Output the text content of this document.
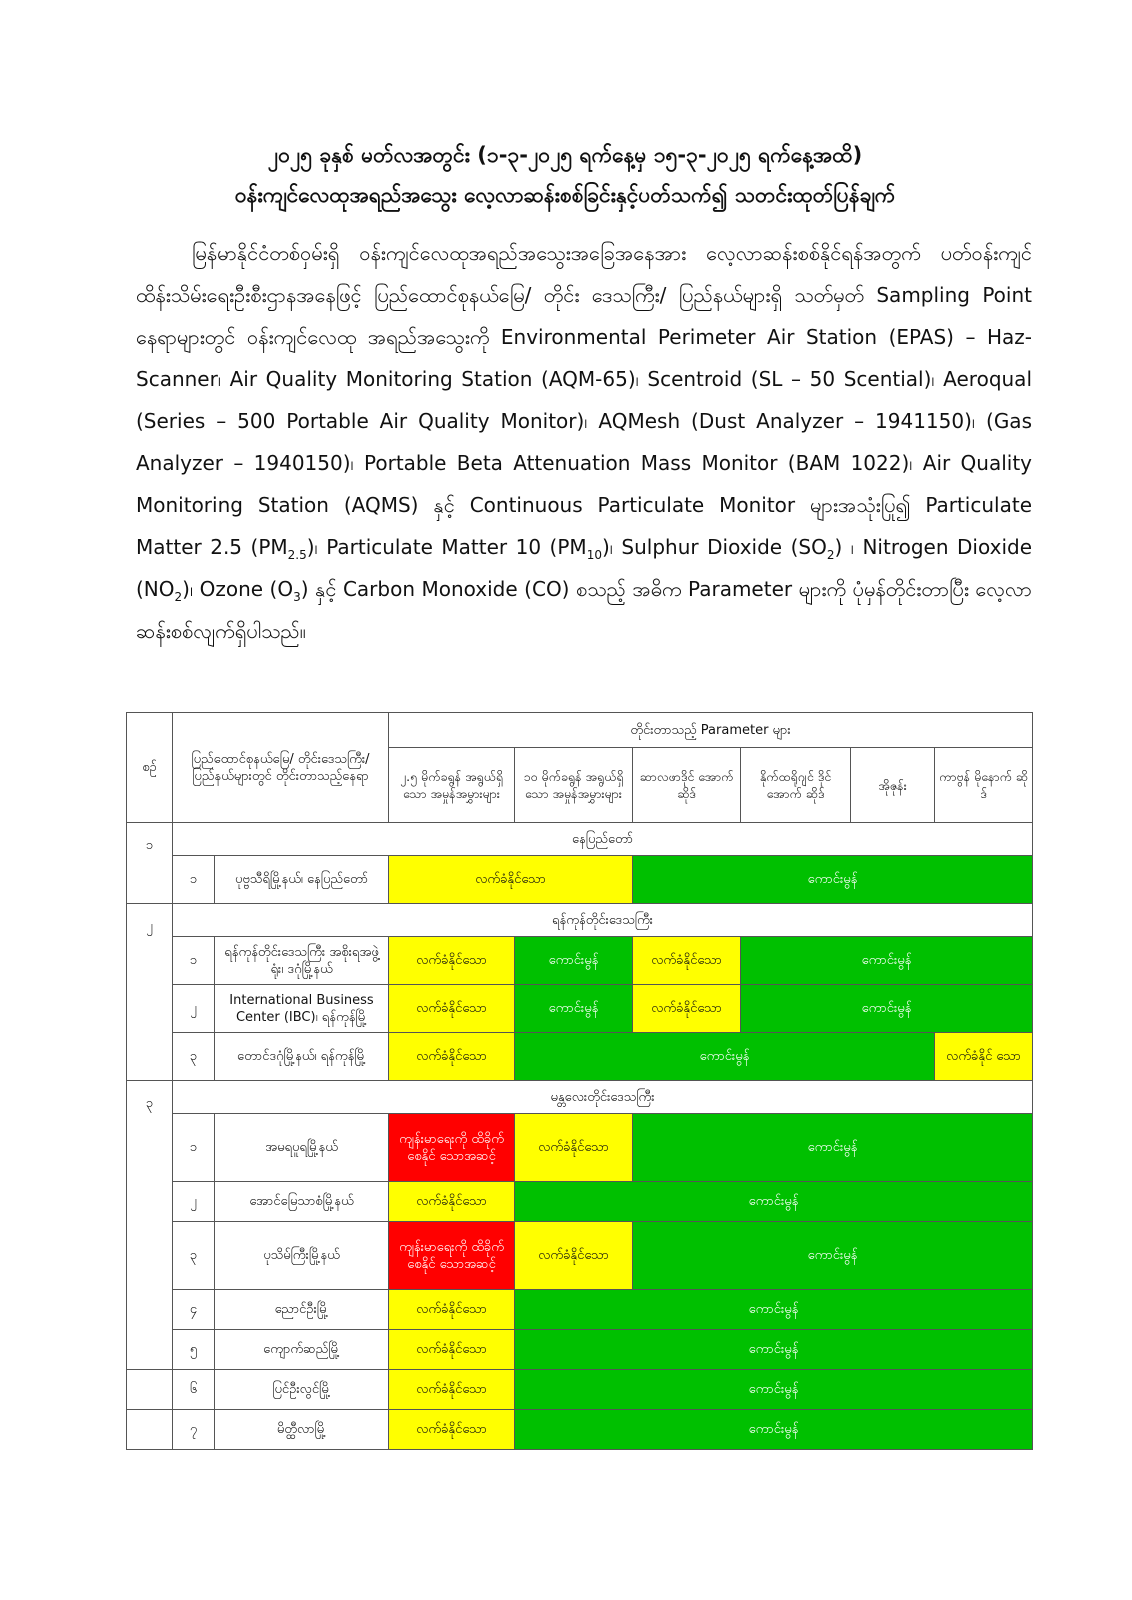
၂၀၂၅ ခုနှစ် မတ်လအတွင်း (၁-၃-၂၀၂၅ ရက်နေ့မှ ၁၅-၃-၂၀၂၅ ရက်နေ့အထိ)
ဝန်းကျင်လေထုအရည်အသွေး လေ့လာဆန်းစစ်ခြင်းနှင့်ပတ်သက်၍ သတင်းထုတ်ပြန်ချက်

မြန်မာနိုင်ငံတစ်ဝှမ်းရှိ ဝန်းကျင်လေထုအရည်အသွေးအခြေအနေအား လေ့လာဆန်းစစ်နိုင်ရန်အတွက် ပတ်ဝန်းကျင်ထိန်းသိမ်းရေးဦးစီးဌာနအနေဖြင့် ပြည်ထောင်စုနယ်မြေ/ တိုင်း ဒေသကြီး/ ပြည်နယ်များရှိ သတ်မှတ် Sampling Point နေရာများတွင် ဝန်းကျင်လေထု အရည်အသွေးကို Environmental Perimeter Air Station (EPAS) – Haz-Scanner၊ Air Quality Monitoring Station (AQM-65)၊ Scentroid (SL – 50 Scential)၊ Aeroqual (Series – 500 Portable Air Quality Monitor)၊ AQMesh (Dust Analyzer – 1941150)၊ (Gas Analyzer – 1940150)၊ Portable Beta Attenuation Mass Monitor (BAM 1022)၊ Air Quality Monitoring Station (AQMS) နှင့် Continuous Particulate Monitor များအသုံးပြု၍ Particulate Matter 2.5 $(PM_{2.5})$၊ Particulate Matter 10 $(PM_{10})$၊ Sulphur Dioxide $(SO_2)$ ၊ Nitrogen Dioxide $(NO_2)$၊ Ozone $(O_3)$ နှင့် Carbon Monoxide (CO) စသည့် အဓိက Parameter များကို ပုံမှန်တိုင်းတာပြီး လေ့လာဆန်းစစ်လျက်ရှိပါသည်။

စဉ်	ပြည်ထောင်စုနယ်မြေ/ တိုင်းဒေသကြီး/ ပြည်နယ်များတွင် တိုင်းတာသည့်နေရာ		တိုင်းတာသည့် Parameter များ					
			၂.၅ မိုက်ခရွန် အရွယ်ရှိသော အမှုန်အမွှားများ	၁၀ မိုက်ခရွန် အရွယ်ရှိသော အမှုန်အမွှားများ	ဆာလဖာဒိုင် အောက်ဆိုဒ်	နိုက်ထရိုဂျင် ဒိုင်အောက် ဆိုဒ်	အိုဇုန်း	ကာဗွန် မိုနောက် ဆိုဒ်
၁	နေပြည်တော်							
	၁	ပုဗ္ဗသီရိမြို့နယ်၊ နေပြည်တော်	လက်ခံနိုင်သော		ကောင်းမွန်			
၂	ရန်ကုန်တိုင်းဒေသကြီး							
	၁	ရန်ကုန်တိုင်းဒေသကြီး အစိုးရအဖွဲ့ရုံး၊ ဒဂုံမြို့နယ်	လက်ခံနိုင်သော	ကောင်းမွန်	လက်ခံနိုင်သော	ကောင်းမွန်		
	၂	International Business Center (IBC)၊ ရန်ကုန်မြို့	လက်ခံနိုင်သော	ကောင်းမွန်	လက်ခံနိုင်သော	ကောင်းမွန်		
	၃	တောင်ဒဂုံမြို့နယ်၊ ရန်ကုန်မြို့	လက်ခံနိုင်သော	ကောင်းမွန်				လက်ခံနိုင် သော
၃	မန္တလေးတိုင်းဒေသကြီး							
	၁	အမရပူရမြို့နယ်	ကျန်းမာရေးကို ထိခိုက်စေနိုင် သောအဆင့်	လက်ခံနိုင်သော	ကောင်းမွန်			
	၂	အောင်မြေသာစံမြို့နယ်	လက်ခံနိုင်သော	ကောင်းမွန်				
	၃	ပုသိမ်ကြီးမြို့နယ်	ကျန်းမာရေးကို ထိခိုက်စေနိုင် သောအဆင့်	လက်ခံနိုင်သော	ကောင်းမွန်			
	၄	ညောင်ဦးမြို့	လက်ခံနိုင်သော	ကောင်းမွန်				
	၅	ကျောက်ဆည်မြို့	လက်ခံနိုင်သော	ကောင်းမွန်				
	၆	ပြင်ဦးလွင်မြို့	လက်ခံနိုင်သော	ကောင်းမွန်				
	၇	မိတ္ထီလာမြို့	လက်ခံနိုင်သော	ကောင်းမွန်				
